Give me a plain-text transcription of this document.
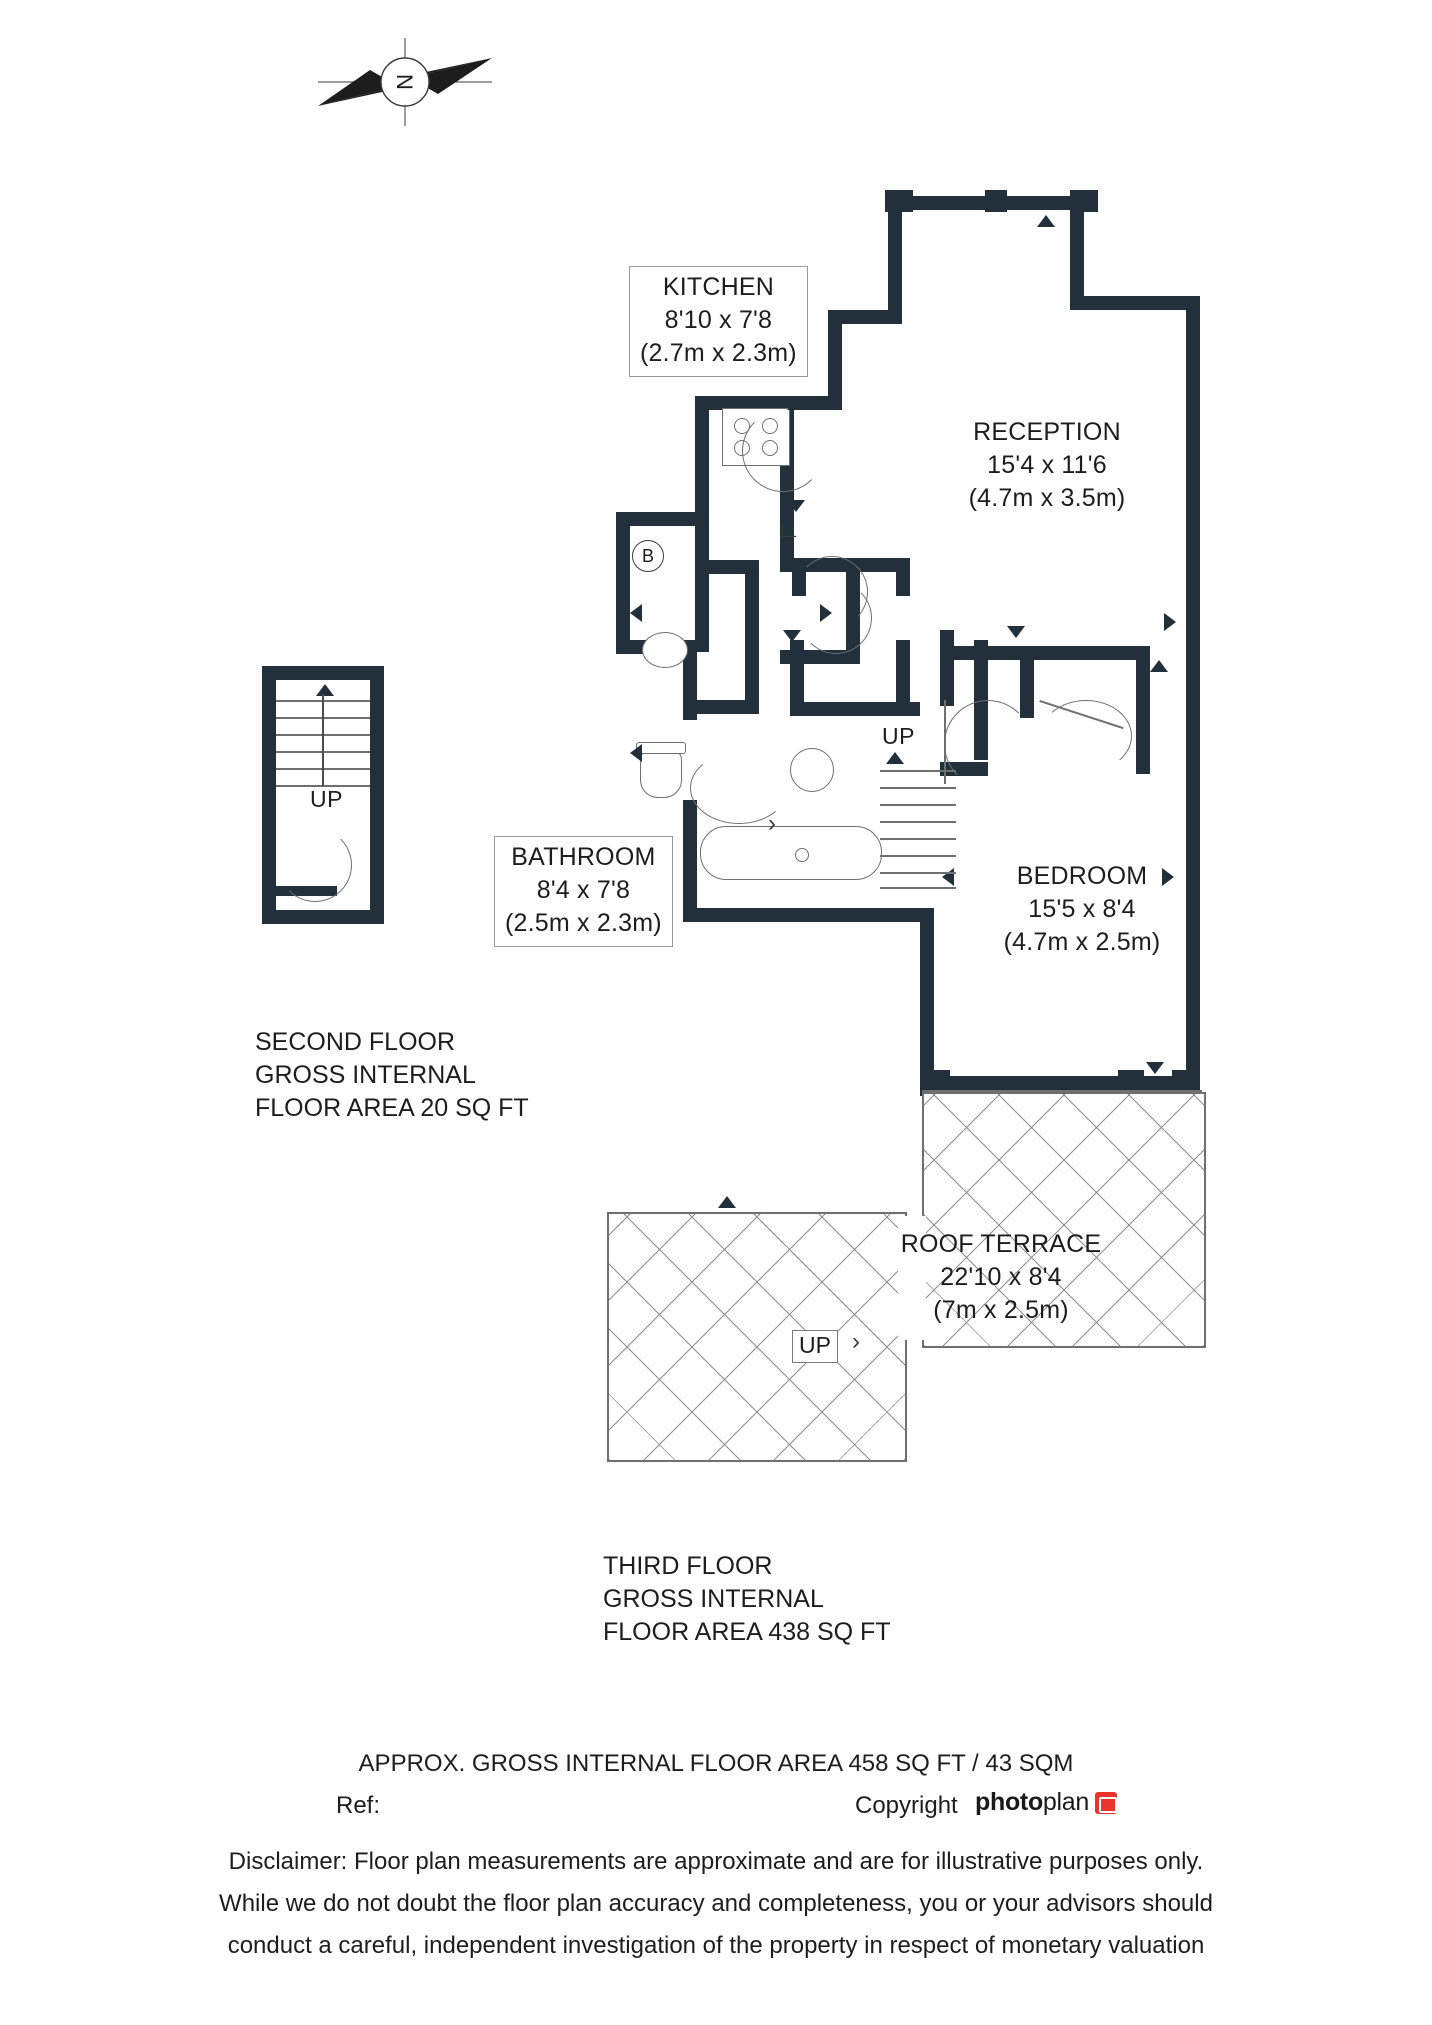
N
B
UP
UP
UP ›
›
∟
KITCHEN
8'10 x 7'8
(2.7m x 2.3m)
RECEPTION
15'4 x 11'6
(4.7m x 3.5m)
BATHROOM
8'4 x 7'8
(2.5m x 2.3m)
BEDROOM
15'5 x 8'4
(4.7m x 2.5m)
ROOF TERRACE
22'10 x 8'4
(7m x 2.5m)
SECOND FLOOR
GROSS INTERNAL
FLOOR AREA 20 SQ FT
THIRD FLOOR
GROSS INTERNAL
FLOOR AREA 438 SQ FT
APPROX. GROSS INTERNAL FLOOR AREA 458 SQ FT / 43 SQM
Ref:	Copyright photo plan
Disclaimer: Floor plan measurements are approximate and are for illustrative purposes only.
While we do not doubt the floor plan accuracy and completeness, you or your advisors should
conduct a careful, independent investigation of the property in respect of monetary valuation
